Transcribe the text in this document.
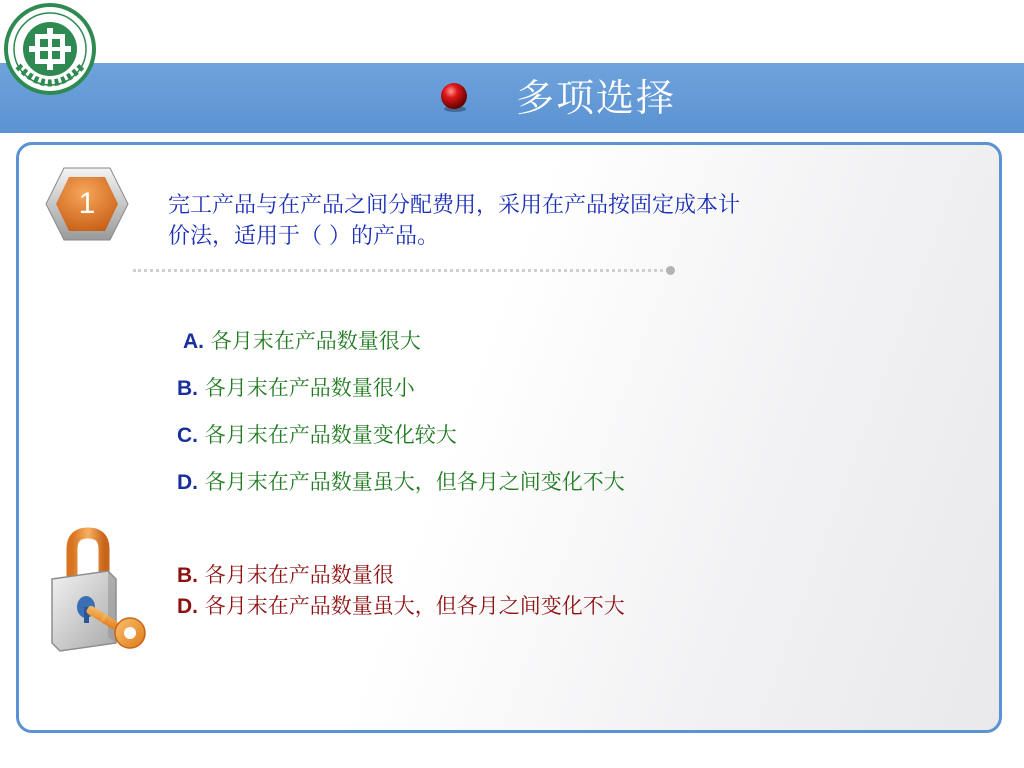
多项选择
1	完工产品与在产品之间分配费用，采用在产品按固定成本计
价法，适用于（ ）的产品。
A. 各月末在产品数量很大
B. 各月末在产品数量很小
C. 各月末在产品数量变化较大
D. 各月末在产品数量虽大，但各月之间变化不大
B. 各月末在产品数量很
D. 各月末在产品数量虽大，但各月之间变化不大
